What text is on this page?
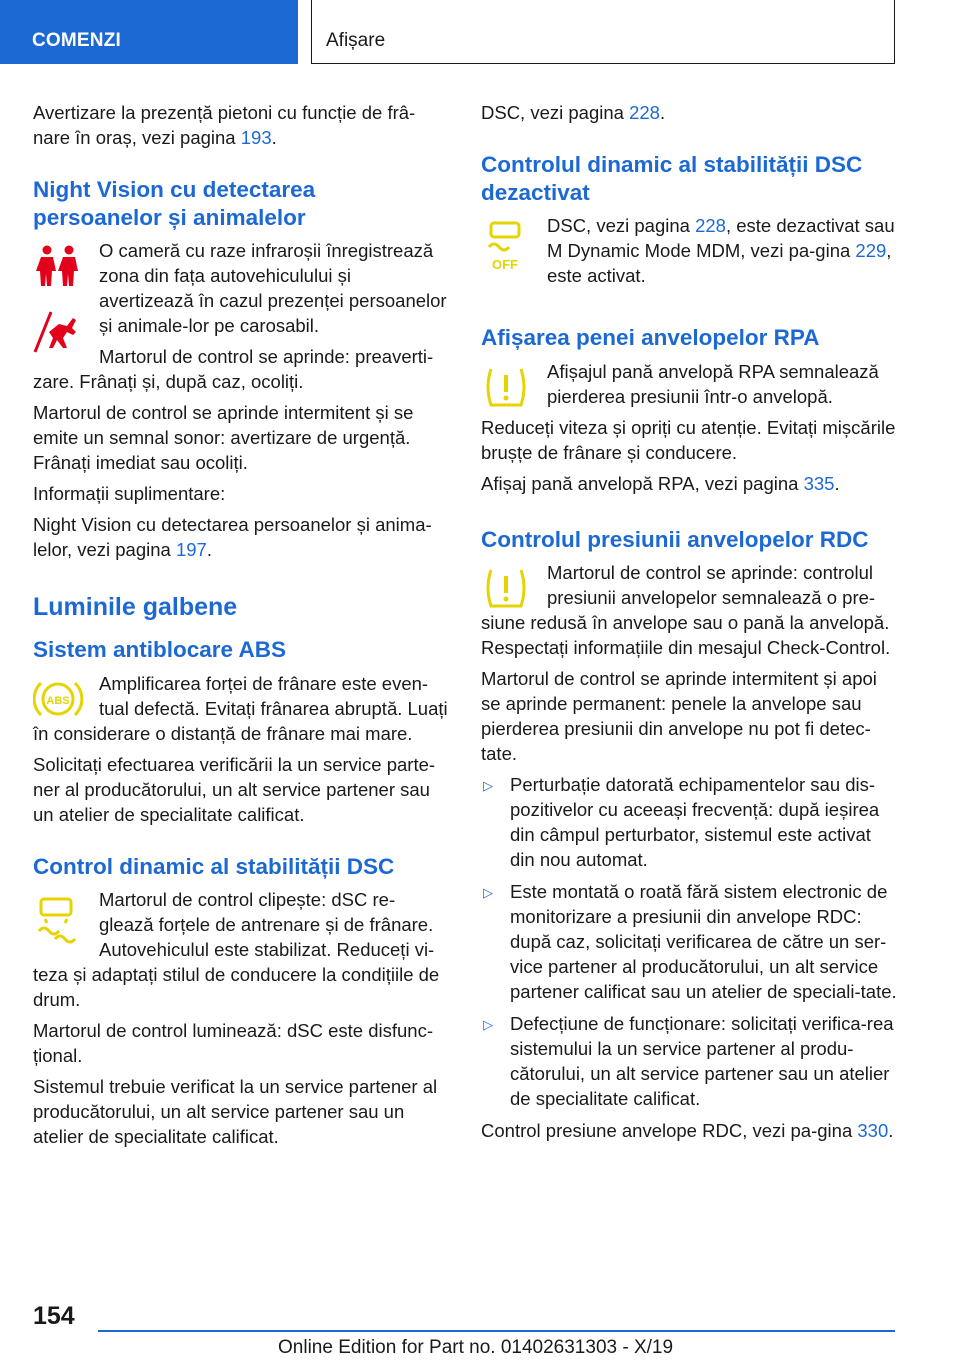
COMENZI	Afișare

Avertizare la prezență pietoni cu funcție de frâ-
nare în oraș, vezi pagina 193.

Night Vision cu detectarea persoanelor și animalelor

O cameră cu raze infraroșii înregistrează zona din fața autovehiculului și avertizează în cazul prezenței persoanelor și animale-lor pe carosabil.

Martorul de control se aprinde: preaverti-zare. Frânați și, după caz, ocoliți.

Martorul de control se aprinde intermitent și se emite un semnal sonor: avertizare de urgență. Frânați imediat sau ocoliți.

Informații suplimentare:

Night Vision cu detectarea persoanelor și anima-lelor, vezi pagina 197.

Luminile galbene
Sistem antiblocare ABS
ABS

Amplificarea forței de frânare este even-tual defectă. Evitați frânarea abruptă. Luați în considerare o distanță de frânare mai mare.

Solicitați efectuarea verificării la un service parte-ner al producătorului, un alt service partener sau un atelier de specialitate calificat.

Control dinamic al stabilității DSC

Martorul de control clipește: dSC re-glează forțele de antrenare și de frânare. Autovehiculul este stabilizat. Reduceți vi-teza și adaptați stilul de conducere la condițiile de drum.

Martorul de control luminează: dSC este disfunc-țional.

Sistemul trebuie verificat la un service partener al producătorului, un alt service partener sau un atelier de specialitate calificat.

DSC, vezi pagina 228.

Controlul dinamic al stabilității DSC dezactivat
OFF

DSC, vezi pagina 228, este dezactivat sau M Dynamic Mode MDM, vezi pa-gina 229, este activat.

Afișarea penei anvelopelor RPA

Afișajul pană anvelopă RPA semnalează pierderea presiunii într-o anvelopă.

Reduceți viteza și opriți cu atenție. Evitați mișcările brușțe de frânare și conducere.

Afișaj pană anvelopă RPA, vezi pagina 335.

Controlul presiunii anvelopelor RDC

Martorul de control se aprinde: controlul presiunii anvelopelor semnalează o pre-siune redusă în anvelope sau o pană la anvelopă. Respectați informațiile din mesajul Check-Control.

Martorul de control se aprinde intermitent și apoi se aprinde permanent: penele la anvelope sau pierderea presiunii din anvelope nu pot fi detec-tate.

▷ Perturbație datorată echipamentelor sau dis-pozitivelor cu aceeași frecvență: după ieșirea din câmpul perturbator, sistemul este activat din nou automat.
▷ Este montată o roată fără sistem electronic de monitorizare a presiunii din anvelope RDC: după caz, solicitați verificarea de către un ser-vice partener al producătorului, un alt service partener calificat sau un atelier de speciali-tate.
▷ Defecțiune de funcționare: solicitați verifica-rea sistemului la un service partener al produ-cătorului, un alt service partener sau un atelier de specialitate calificat.

Control presiune anvelope RDC, vezi pa-gina 330.

154
Online Edition for Part no. 01402631303 - X/19
